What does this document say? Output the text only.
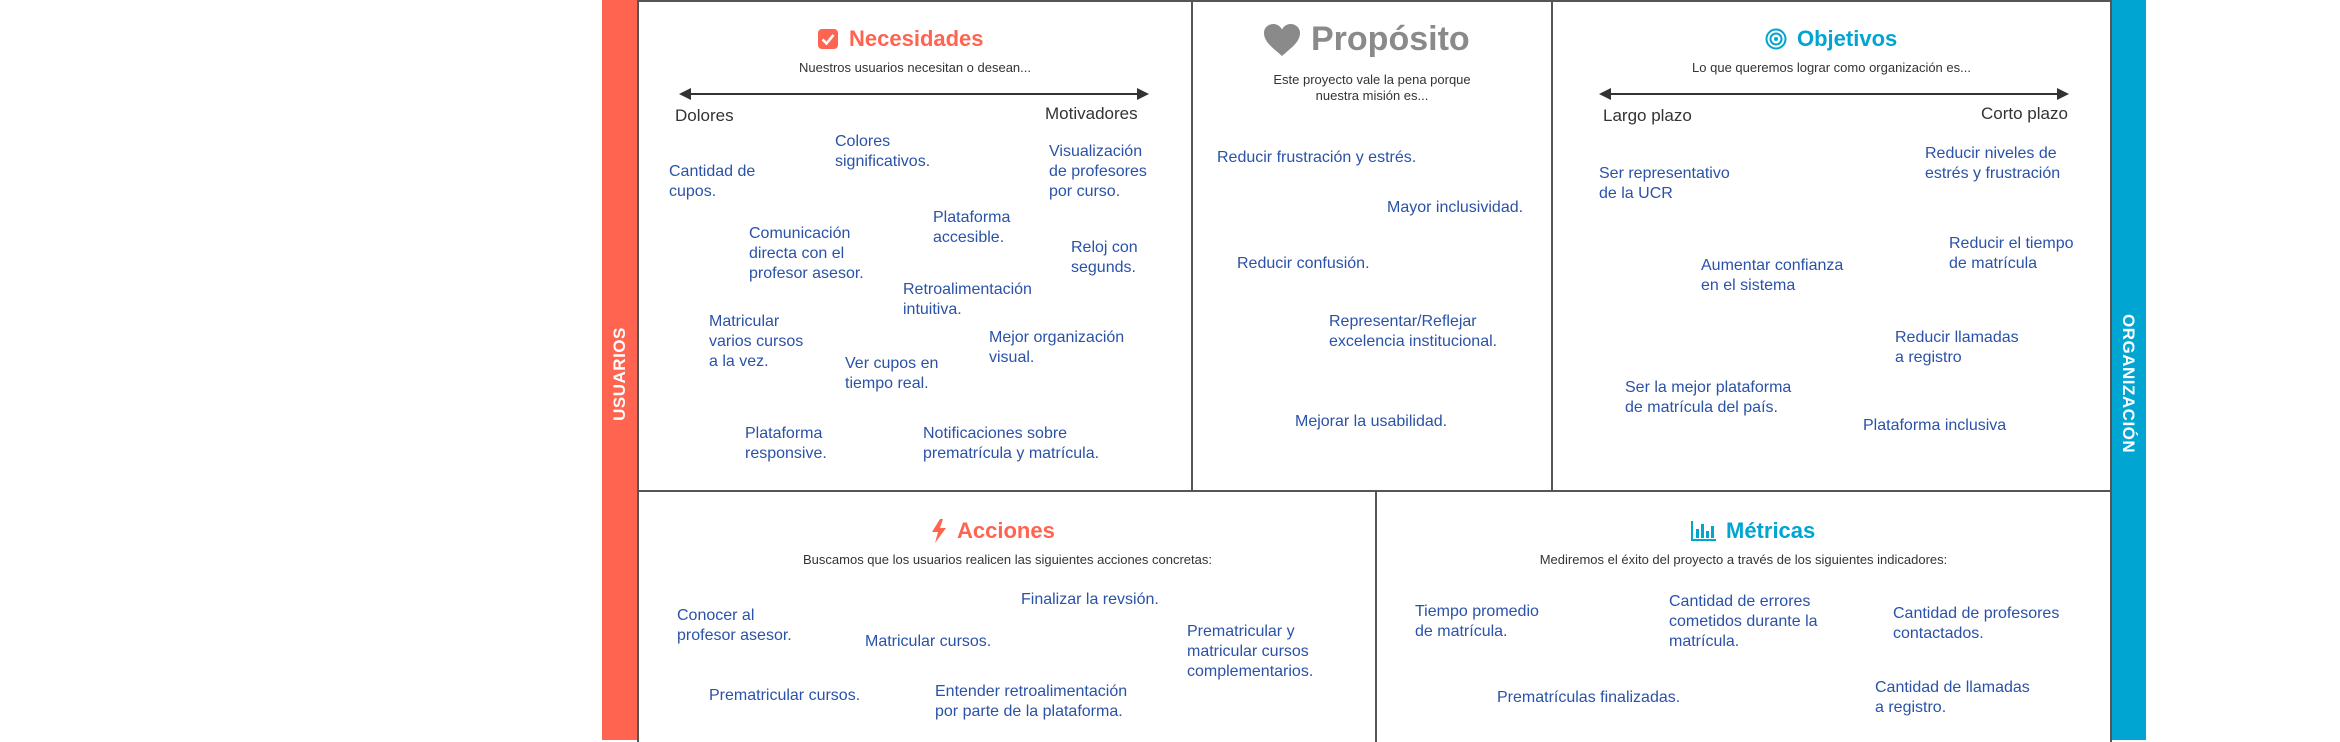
USUARIOS	ORGANIZACIÓN
Necesidades
Nuestros usuarios necesitan o desean...
Dolores	Motivadores
Cantidad de
cupos.
Colores
significativos.
Visualización
de profesores
por curso.
Comunicación
directa con el
profesor asesor.
Plataforma
accesible.
Reloj con
segunds.
Retroalimentación
intuitiva.
Matricular
varios cursos
a la vez.
Mejor organización
visual.
Ver cupos en
tiempo real.
Plataforma
responsive.
Notificaciones sobre
prematrícula y matrícula.
Propósito
Este proyecto vale la pena porque
nuestra misión es...
Reducir frustración y estrés.
Mayor inclusividad.
Reducir confusión.
Representar/Reflejar
excelencia institucional.
Mejorar la usabilidad.
Objetivos
Lo que queremos lograr como organización es...
Largo plazo	Corto plazo
Ser representativo
de la UCR
Reducir niveles de
estrés y frustración
Aumentar confianza
en el sistema
Reducir el tiempo
de matrícula
Reducir llamadas
a registro
Ser la mejor plataforma
de matrícula del país.
Plataforma inclusiva
Acciones
Buscamos que los usuarios realicen las siguientes acciones concretas:
Conocer al
profesor asesor.	Matricular cursos.
Finalizar la revsión.
Prematricular y
matricular cursos
complementarios.
Prematricular cursos.	Entender retroalimentación
por parte de la plataforma.
Métricas
Mediremos el éxito del proyecto a través de los siguientes indicadores:
Tiempo promedio
de matrícula.
Cantidad de errores
cometidos durante la
matrícula.
Cantidad de profesores
contactados.
Prematrículas finalizadas.
Cantidad de llamadas
a registro.
